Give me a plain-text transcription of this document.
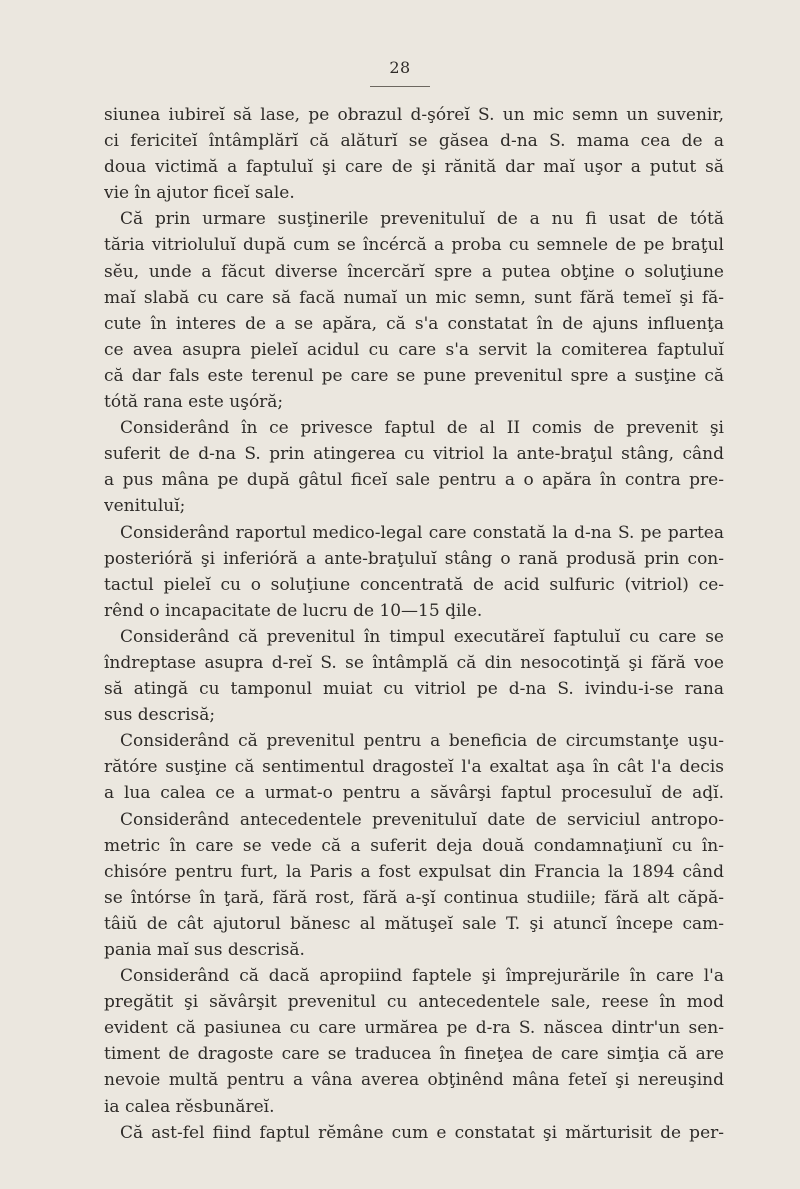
28
siunea iubireĭ să lase, pe obrazul d-şóreĭ S. un mic semn un suvenir,
ci fericiteĭ întâmplărĭ că alăturĭ se găsea d-na S. mama cea de a
doua victimă a faptuluĭ şi care de şi rănită dar maĭ uşor a putut să
vie în ajutor ficeĭ sale.
Că prin urmare susţinerile prevenituluĭ de a nu fi usat de tótă
tăria vitrioluluĭ după cum se încércă a proba cu semnele de pe braţul
sĕu, unde a făcut diverse încercărĭ spre a putea obţine o soluţiune
maĭ slabă cu care să facă numaĭ un mic semn, sunt fără temeĭ şi fă-
cute în interes de a se apăra, că s'a constatat în de ajuns influenţa
ce avea asupra pieleĭ acidul cu care s'a servit la comiterea faptuluĭ
că dar fals este terenul pe care se pune prevenitul spre a susţine că
tótă rana este uşóră;
Considerând în ce privesce faptul de al II comis de prevenit şi
suferit de d-na S. prin atingerea cu vitriol la ante-braţul stâng, când
a pus mâna pe după gâtul ficeĭ sale pentru a o apăra în contra pre-
venituluĭ;
Considerând raportul medico-legal care constată la d-na S. pe partea
posterióră şi inferióră a ante-braţuluĭ stâng o rană produsă prin con-
tactul pieleĭ cu o soluţiune concentrată de acid sulfuric (vitriol) ce-
rênd o incapacitate de lucru de 10—15 ḑile.
Considerând că prevenitul în timpul executăreĭ faptuluĭ cu care se
îndreptase asupra d-reĭ S. se întâmplă că din nesocotinţă şi fără voe
să atingă cu tamponul muiat cu vitriol pe d-na S. ivindu-i-se rana
sus descrisă;
Considerând că prevenitul pentru a beneficia de circumstanţe uşu-
rătóre susţine că sentimentul dragosteĭ l'a exaltat aşa în cât l'a decis
a lua calea ce a urmat-o pentru a săvârşi faptul procesuluĭ de aḑĭ.
Considerând antecedentele prevenituluĭ date de serviciul antropo-
metric în care se vede că a suferit deja două condamnaţiunĭ cu în-
chisóre pentru furt, la Paris a fost expulsat din Francia la 1894 când
se întórse în ţară, fără rost, fără a-şĭ continua studiile; fără alt căpă-
tâiŭ de cât ajutorul bănesc al mătuşeĭ sale T. şi atuncĭ începe cam-
pania maĭ sus descrisă.
Considerând că dacă apropiind faptele şi împrejurările în care l'a
pregătit şi săvârşit prevenitul cu antecedentele sale, reese în mod
evident că pasiunea cu care urmărea pe d-ra S. născea dintr'un sen-
timent de dragoste care se traducea în fineţea de care simţia că are
nevoie multă pentru a vâna averea obţinênd mâna feteĭ şi nereuşind
ia calea rĕsbunăreĭ.
Că ast-fel fiind faptul rĕmâne cum e constatat şi mărturisit de per-
